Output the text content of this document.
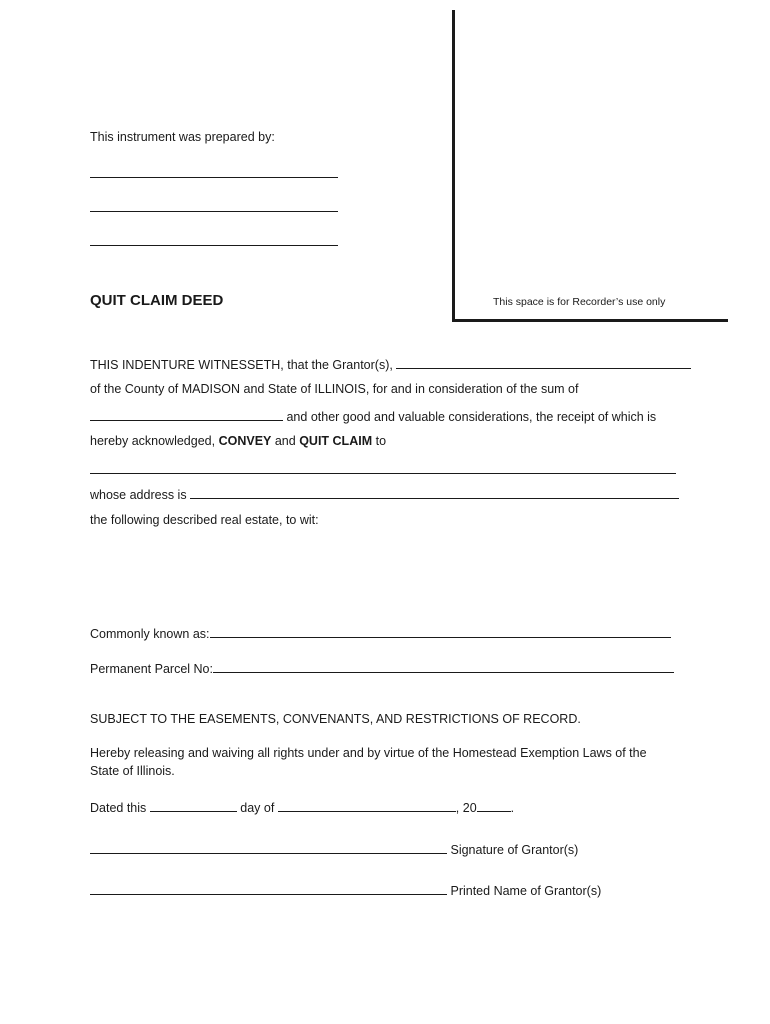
This space is for Recorder’s use only
This instrument was prepared by:
QUIT CLAIM DEED
THIS INDENTURE WITNESSETH, that the Grantor(s),
of the County of MADISON and State of ILLINOIS, for and in consideration of the sum of
and other good and valuable considerations, the receipt of which is
hereby acknowledged, CONVEY and QUIT CLAIM to
whose address is
the following described real estate, to wit:
Commonly known as:
Permanent Parcel No:
SUBJECT TO THE EASEMENTS, CONVENANTS, AND RESTRICTIONS OF RECORD.
Hereby releasing and waiving all rights under and by virtue of the Homestead Exemption Laws of the
State of Illinois.
Dated this	day of	, 20	.
Signature of Grantor(s)
Printed Name of Grantor(s)
